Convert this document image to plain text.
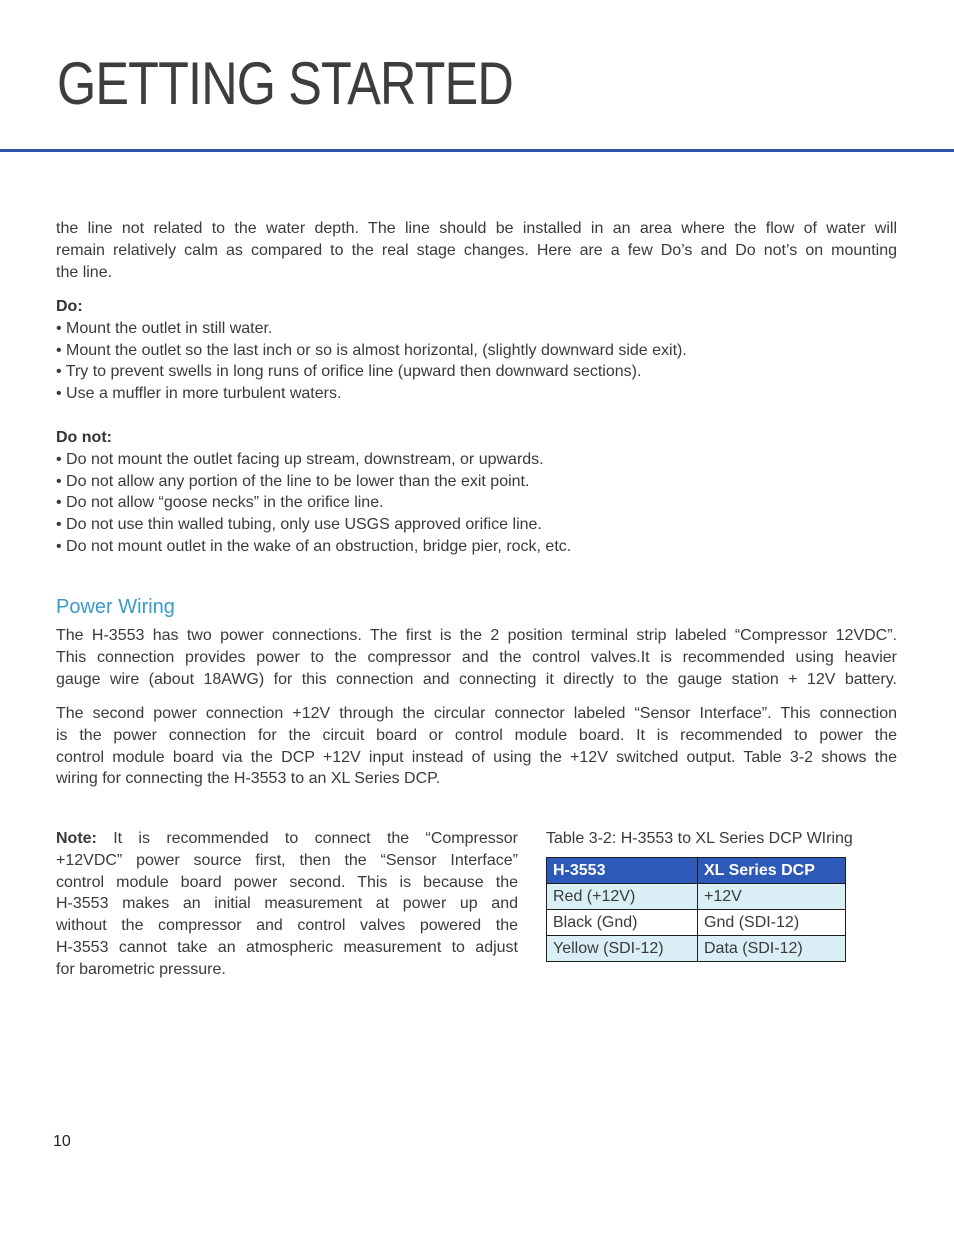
GETTING STARTED
the line not related to the water depth. The line should be installed in an area where the flow of water will
remain relatively calm as compared to the real stage changes. Here are a few Do’s and Do not’s on mounting
the line.
Do:
• Mount the outlet in still water.
• Mount the outlet so the last inch or so is almost horizontal, (slightly downward side exit).
• Try to prevent swells in long runs of orifice line (upward then downward sections).
• Use a muffler in more turbulent waters.
Do not:
• Do not mount the outlet facing up stream, downstream, or upwards.
• Do not allow any portion of the line to be lower than the exit point.
• Do not allow “goose necks” in the orifice line.
• Do not use thin walled tubing, only use USGS approved orifice line.
• Do not mount outlet in the wake of an obstruction, bridge pier, rock, etc.
Power Wiring
The H-3553 has two power connections. The first is the 2 position terminal strip labeled “Compressor 12VDC”.
This connection provides power to the compressor and the control valves.It is recommended using heavier
gauge wire (about 18AWG) for this connection and connecting it directly to the gauge station + 12V battery.
The second power connection +12V through the circular connector labeled “Sensor Interface”. This connection
is the power connection for the circuit board or control module board. It is recommended to power the
control module board via the DCP +12V input instead of using the +12V switched output. Table 3-2 shows the
wiring for connecting the H-3553 to an XL Series DCP.
Note: It is recommended to connect the “Compressor
+12VDC” power source first, then the “Sensor Interface”
control module board power second. This is because the
H-3553 makes an initial measurement at power up and
without the compressor and control valves powered the
H-3553 cannot take an atmospheric measurement to adjust
for barometric pressure.
Table 3-2: H-3553 to XL Series DCP WIring
H-3553	XL Series DCP
Red (+12V)	+12V
Black (Gnd)	Gnd (SDI-12)
Yellow (SDI-12)	Data (SDI-12)
10
